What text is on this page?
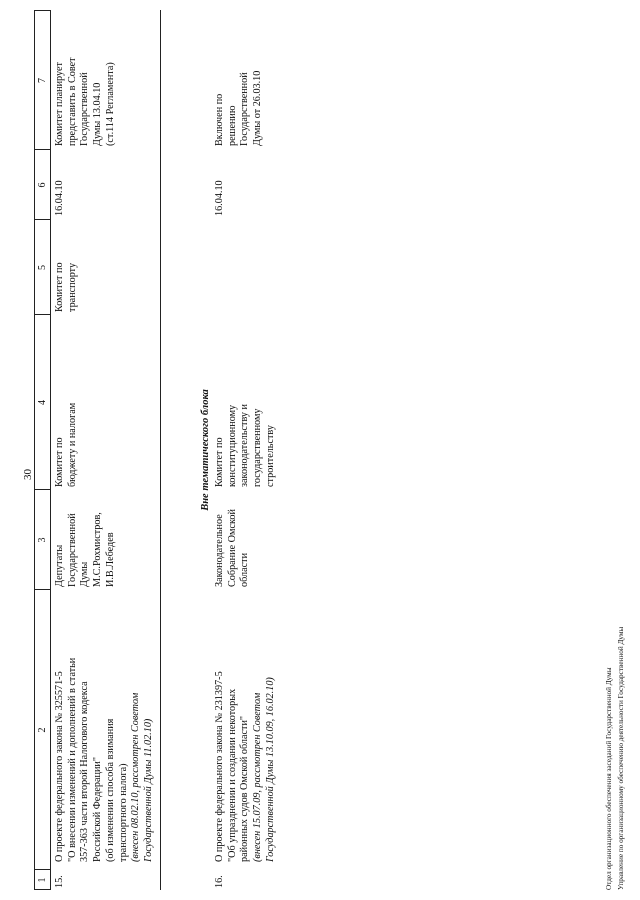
30
1
2
3
4
5
6
7
15.
О проекте федерального закона № 325571-5 "О внесении изменений и дополнений в статьи 357-363 части второй Налогового кодекса Российской Федерации" (об изменении способа взимания транспортного налога) (внесен 08.02.10, рассмотрен Советом Государственной Думы 11.02.10)
Депутаты Государственной Думы М.С.Рохмистров, И.В.Лебедев
Комитет по бюджету и налогам
Комитет по транспорту
16.04.10
Комитет планирует представить в Совет Государственной Думы 13.04.10 (ст.114 Регламента)
Вне тематического блока
16.
О проекте федерального закона № 231397-5 "Об упразднении и создании некоторых районных судов Омской области" (внесен 15.07.09, рассмотрен Советом Государственной Думы 13.10.09, 16.02.10)
Законодательное Собрание Омской области
Комитет по конституционному законодательству и государственному строительству
16.04.10
Включен по решению Государственной Думы от 26.03.10
Отдел организационного обеспечения заседаний Государственной Думы Управление по организационному обеспечению деятельности Государственной Думы
